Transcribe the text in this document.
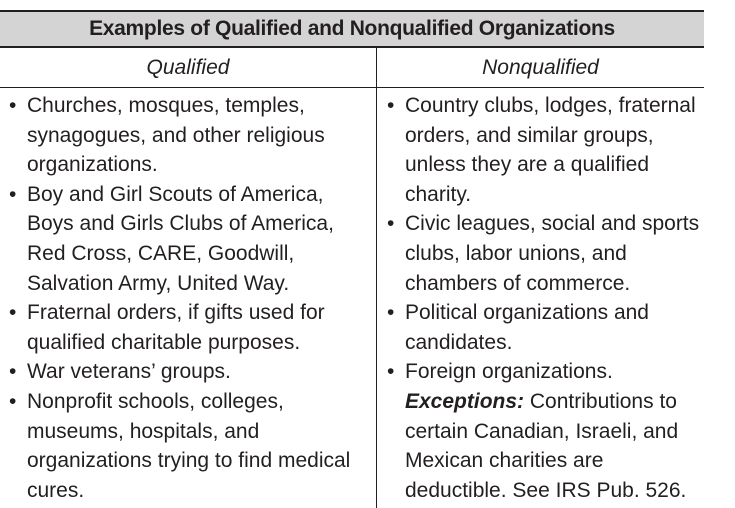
Examples of Qualified and Nonqualified Organizations
Qualified	Nonqualified
• Churches, mosques, temples, synagogues, and other religious organizations.
• Boy and Girl Scouts of America, Boys and Girls Clubs of America, Red Cross, CARE, Goodwill, Salvation Army, United Way.
• Fraternal orders, if gifts used for qualified charitable purposes.
• War veterans’ groups.
• Nonprofit schools, colleges, museums, hospitals, and organizations trying to find medical cures.
• Country clubs, lodges, fraternal orders, and similar groups, unless they are a qualified charity.
• Civic leagues, social and sports clubs, labor unions, and chambers of commerce.
• Political organizations and candidates.
• Foreign organizations.
Exceptions: Contributions to certain Canadian, Israeli, and Mexican charities are deductible. See IRS Pub. 526.
